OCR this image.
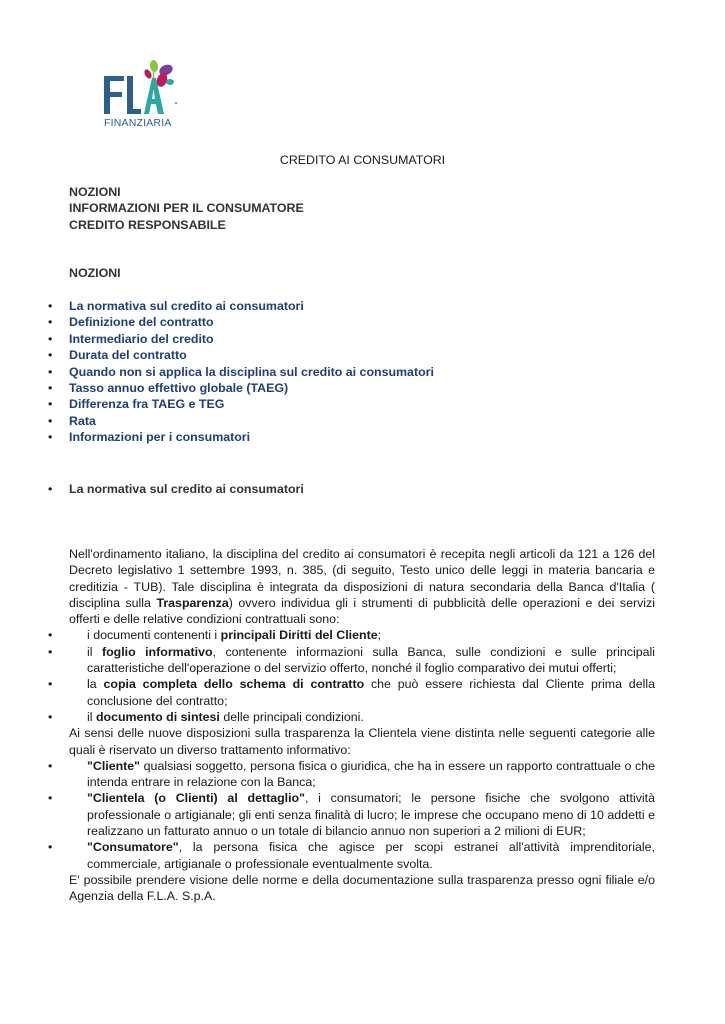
FINANZIARIA
CREDITO AI CONSUMATORI
NOZIONI
INFORMAZIONI PER IL CONSUMATORE
CREDITO RESPONSABILE
NOZIONI
• La normativa sul credito ai consumatori
• Definizione del contratto
• Intermediario del credito
• Durata del contratto
• Quando non si applica la disciplina sul credito ai consumatori
• Tasso annuo effettivo globale (TAEG)
• Differenza fra TAEG e TEG
• Rata
• Informazioni per i consumatori
• La normativa sul credito ai consumatori

Nell'ordinamento italiano, la disciplina del credito ai consumatori è recepita negli articoli da 121 a 126 del Decreto legislativo 1 settembre 1993, n. 385, (di seguito, Testo unico delle leggi in materia bancaria e creditizia - TUB). Tale disciplina è integrata da disposizioni di natura secondaria della Banca d'Italia ( disciplina sulla Trasparenza) ovvero individua gli i strumenti di pubblicità delle operazioni e dei servizi offerti e delle relative condizioni contrattuali sono:

•	i documenti contenenti i principali Diritti del Cliente;
•	il foglio informativo, contenente informazioni sulla Banca, sulle condizioni e sulle principali caratteristiche dell'operazione o del servizio offerto, nonché il foglio comparativo dei mutui offerti;
•	la copia completa dello schema di contratto che può essere richiesta dal Cliente prima della conclusione del contratto;
•	il documento di sintesi delle principali condizioni.

Ai sensi delle nuove disposizioni sulla trasparenza la Clientela viene distinta nelle seguenti categorie alle quali è riservato un diverso trattamento informativo:

•	"Cliente" qualsiasi soggetto, persona fisica o giuridica, che ha in essere un rapporto contrattuale o che intenda entrare in relazione con la Banca;
•	"Clientela (o Clienti) al dettaglio", i consumatori; le persone fisiche che svolgono attività professionale o artigianale; gli enti senza finalità di lucro; le imprese che occupano meno di 10 addetti e realizzano un fatturato annuo o un totale di bilancio annuo non superiori a 2 milioni di EUR;
•	"Consumatore", la persona fisica che agisce per scopi estranei all'attività imprenditoriale, commerciale, artigianale o professionale eventualmente svolta.

E' possibile prendere visione delle norme e della documentazione sulla trasparenza presso ogni filiale e/o Agenzia della F.L.A. S.p.A.
